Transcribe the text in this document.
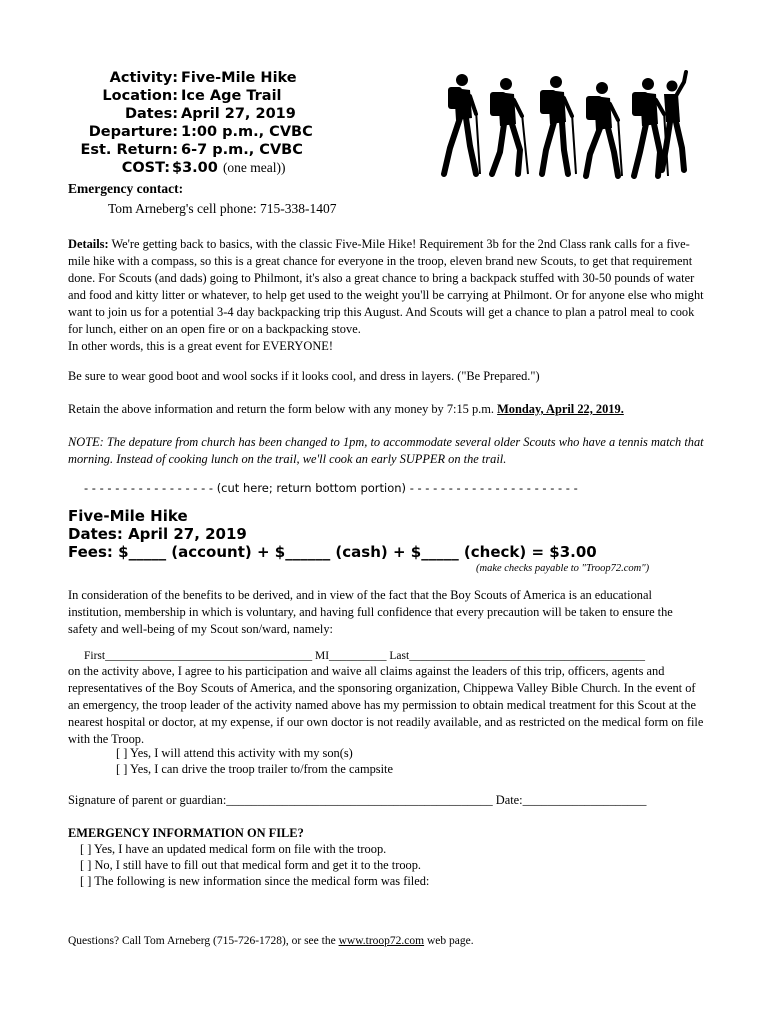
Activity: Five-Mile Hike
Location: Ice Age Trail
Dates: April 27, 2019
Departure: 1:00 p.m., CVBC
Est. Return: 6-7 p.m., CVBC
COST: $3.00 (one meal))
Emergency contact:
Tom Arneberg's cell phone: 715-338-1407
Details: We're getting back to basics, with the classic Five-Mile Hike! Requirement 3b for the 2nd Class rank calls for a five-mile hike with a compass, so this is a great chance for everyone in the troop, eleven brand new Scouts, to get that requirement done. For Scouts (and dads) going to Philmont, it's also a great chance to bring a backpack stuffed with 30-50 pounds of water and food and kitty litter or whatever, to help get used to the weight you'll be carrying at Philmont. Or for anyone else who might want to join us for a potential 3-4 day backpacking trip this August. And Scouts will get a chance to plan a patrol meal to cook for lunch, either on an open fire or on a backpacking stove.
In other words, this is a great event for EVERYONE!
Be sure to wear good boot and wool socks if it looks cool, and dress in layers. ("Be Prepared.")
Retain the above information and return the form below with any money by 7:15 p.m. Monday, April 22, 2019.
NOTE: The depature from church has been changed to 1pm, to accommodate several older Scouts who have a tennis match that morning. Instead of cooking lunch on the trail, we'll cook an early SUPPER on the trail.
- - - - - - - - - - - - - - - - - (cut here; return bottom portion) - - - - - - - - - - - - - - - - - - - - - -
Five-Mile Hike
Dates: April 27, 2019
Fees: $_____ (account) + $______ (cash) + $_____ (check) = $3.00
(make checks payable to "Troop72.com")
In consideration of the benefits to be derived, and in view of the fact that the Boy Scouts of America is an educational institution, membership in which is voluntary, and having full confidence that every precaution will be taken to ensure the safety and well-being of my Scout son/ward, namely:
First____________________________________ MI__________ Last_________________________________________
on the activity above, I agree to his participation and waive all claims against the leaders of this trip, officers, agents and representatives of the Boy Scouts of America, and the sponsoring organization, Chippewa Valley Bible Church. In the event of an emergency, the troop leader of the activity named above has my permission to obtain medical treatment for this Scout at the nearest hospital or doctor, at my expense, if our own doctor is not readily available, and as restricted on the medical form on file with the Troop.
[ ] Yes, I will attend this activity with my son(s)
[ ] Yes, I can drive the troop trailer to/from the campsite
Signature of parent or guardian:___________________________________________ Date:____________________
EMERGENCY INFORMATION ON FILE?
[ ] Yes, I have an updated medical form on file with the troop.
[ ] No, I still have to fill out that medical form and get it to the troop.
[ ] The following is new information since the medical form was filed:
Questions? Call Tom Arneberg (715-726-1728), or see the www.troop72.com web page.
